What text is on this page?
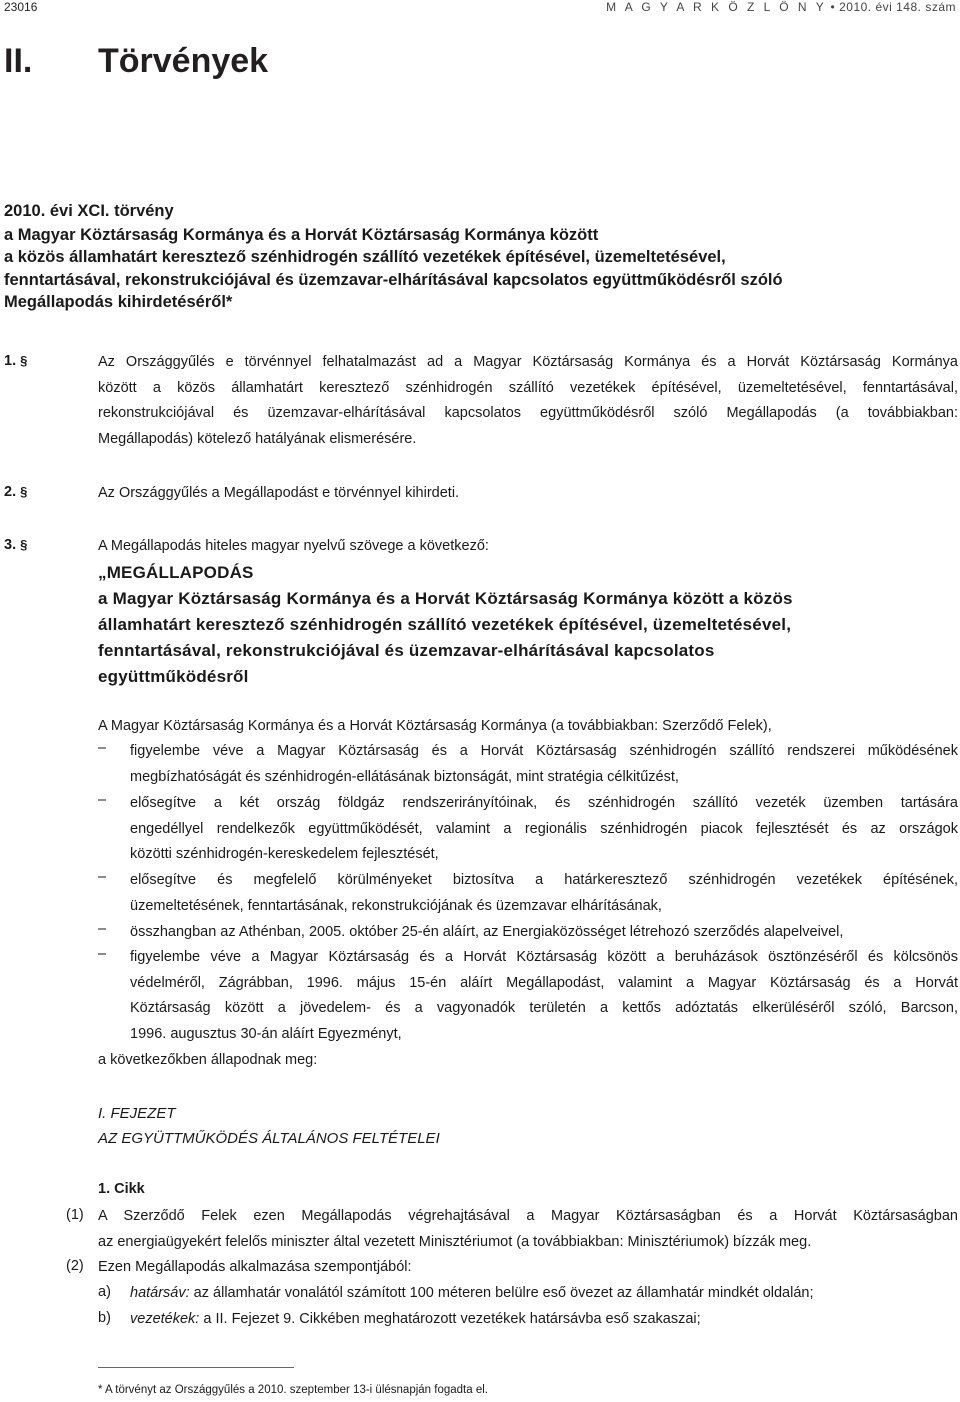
23016	M A G Y A R K Ö Z L Ö N Y • 2010. évi 148. szám
II. Törvények
2010. évi XCI. törvény
a Magyar Köztársaság Kormánya és a Horvát Köztársaság Kormánya között
a közös államhatárt keresztező szénhidrogén szállító vezetékek építésével, üzemeltetésével,
fenntartásával, rekonstrukciójával és üzemzavar-elhárításával kapcsolatos együttműködésről szóló
Megállapodás kihirdetéséről*
1. §	Az Országgyűlés e törvénnyel felhatalmazást ad a Magyar Köztársaság Kormánya és a Horvát Köztársaság Kormánya
között a közös államhatárt keresztező szénhidrogén szállító vezetékek építésével, üzemeltetésével, fenntartásával,
rekonstrukciójával és üzemzavar-elhárításával kapcsolatos együttműködésről szóló Megállapodás (a továbbiakban:
Megállapodás) kötelező hatályának elismerésére.
2. §	Az Országgyűlés a Megállapodást e törvénnyel kihirdeti.
3. §	A Megállapodás hiteles magyar nyelvű szövege a következő:
„MEGÁLLAPODÁS
a Magyar Köztársaság Kormánya és a Horvát Köztársaság Kormánya között a közös
államhatárt keresztező szénhidrogén szállító vezetékek építésével, üzemeltetésével,
fenntartásával, rekonstrukciójával és üzemzavar-elhárításával kapcsolatos
együttműködésről
A Magyar Köztársaság Kormánya és a Horvát Köztársaság Kormánya (a továbbiakban: Szerződő Felek),
– figyelembe véve a Magyar Köztársaság és a Horvát Köztársaság szénhidrogén szállító rendszerei működésének
megbízhatóságát és szénhidrogén-ellátásának biztonságát, mint stratégia célkitűzést,
– elősegítve a két ország földgáz rendszerirányítóinak, és szénhidrogén szállító vezeték üzemben tartására
engedéllyel rendelkezők együttműködését, valamint a regionális szénhidrogén piacok fejlesztését és az országok
közötti szénhidrogén-kereskedelem fejlesztését,
– elősegítve és megfelelő körülményeket biztosítva a határkeresztező szénhidrogén vezetékek építésének,
üzemeltetésének, fenntartásának, rekonstrukciójának és üzemzavar elhárításának,
– összhangban az Athénban, 2005. október 25-én aláírt, az Energiaközösséget létrehozó szerződés alapelveivel,
– figyelembe véve a Magyar Köztársaság és a Horvát Köztársaság között a beruházások ösztönzéséről és kölcsönös
védelméről, Zágrábban, 1996. május 15-én aláírt Megállapodást, valamint a Magyar Köztársaság és a Horvát
Köztársaság között a jövedelem- és a vagyonadók területén a kettős adóztatás elkerüléséről szóló, Barcson,
1996. augusztus 30-án aláírt Egyezményt,
a következőkben állapodnak meg:
I. FEJEZET
AZ EGYÜTTMŰKÖDÉS ÁLTALÁNOS FELTÉTELEI
1. Cikk
(1) A Szerződő Felek ezen Megállapodás végrehajtásával a Magyar Köztársaságban és a Horvát Köztársaságban
az energiaügyekért felelős miniszter által vezetett Minisztériumot (a továbbiakban: Minisztériumok) bízzák meg.
(2) Ezen Megállapodás alkalmazása szempontjából:
a) határsáv: az államhatár vonalától számított 100 méteren belülre eső övezet az államhatár mindkét oldalán;
b) vezetékek: a II. Fejezet 9. Cikkében meghatározott vezetékek határsávba eső szakaszai;
* A törvényt az Országgyűlés a 2010. szeptember 13-i ülésnapján fogadta el.
